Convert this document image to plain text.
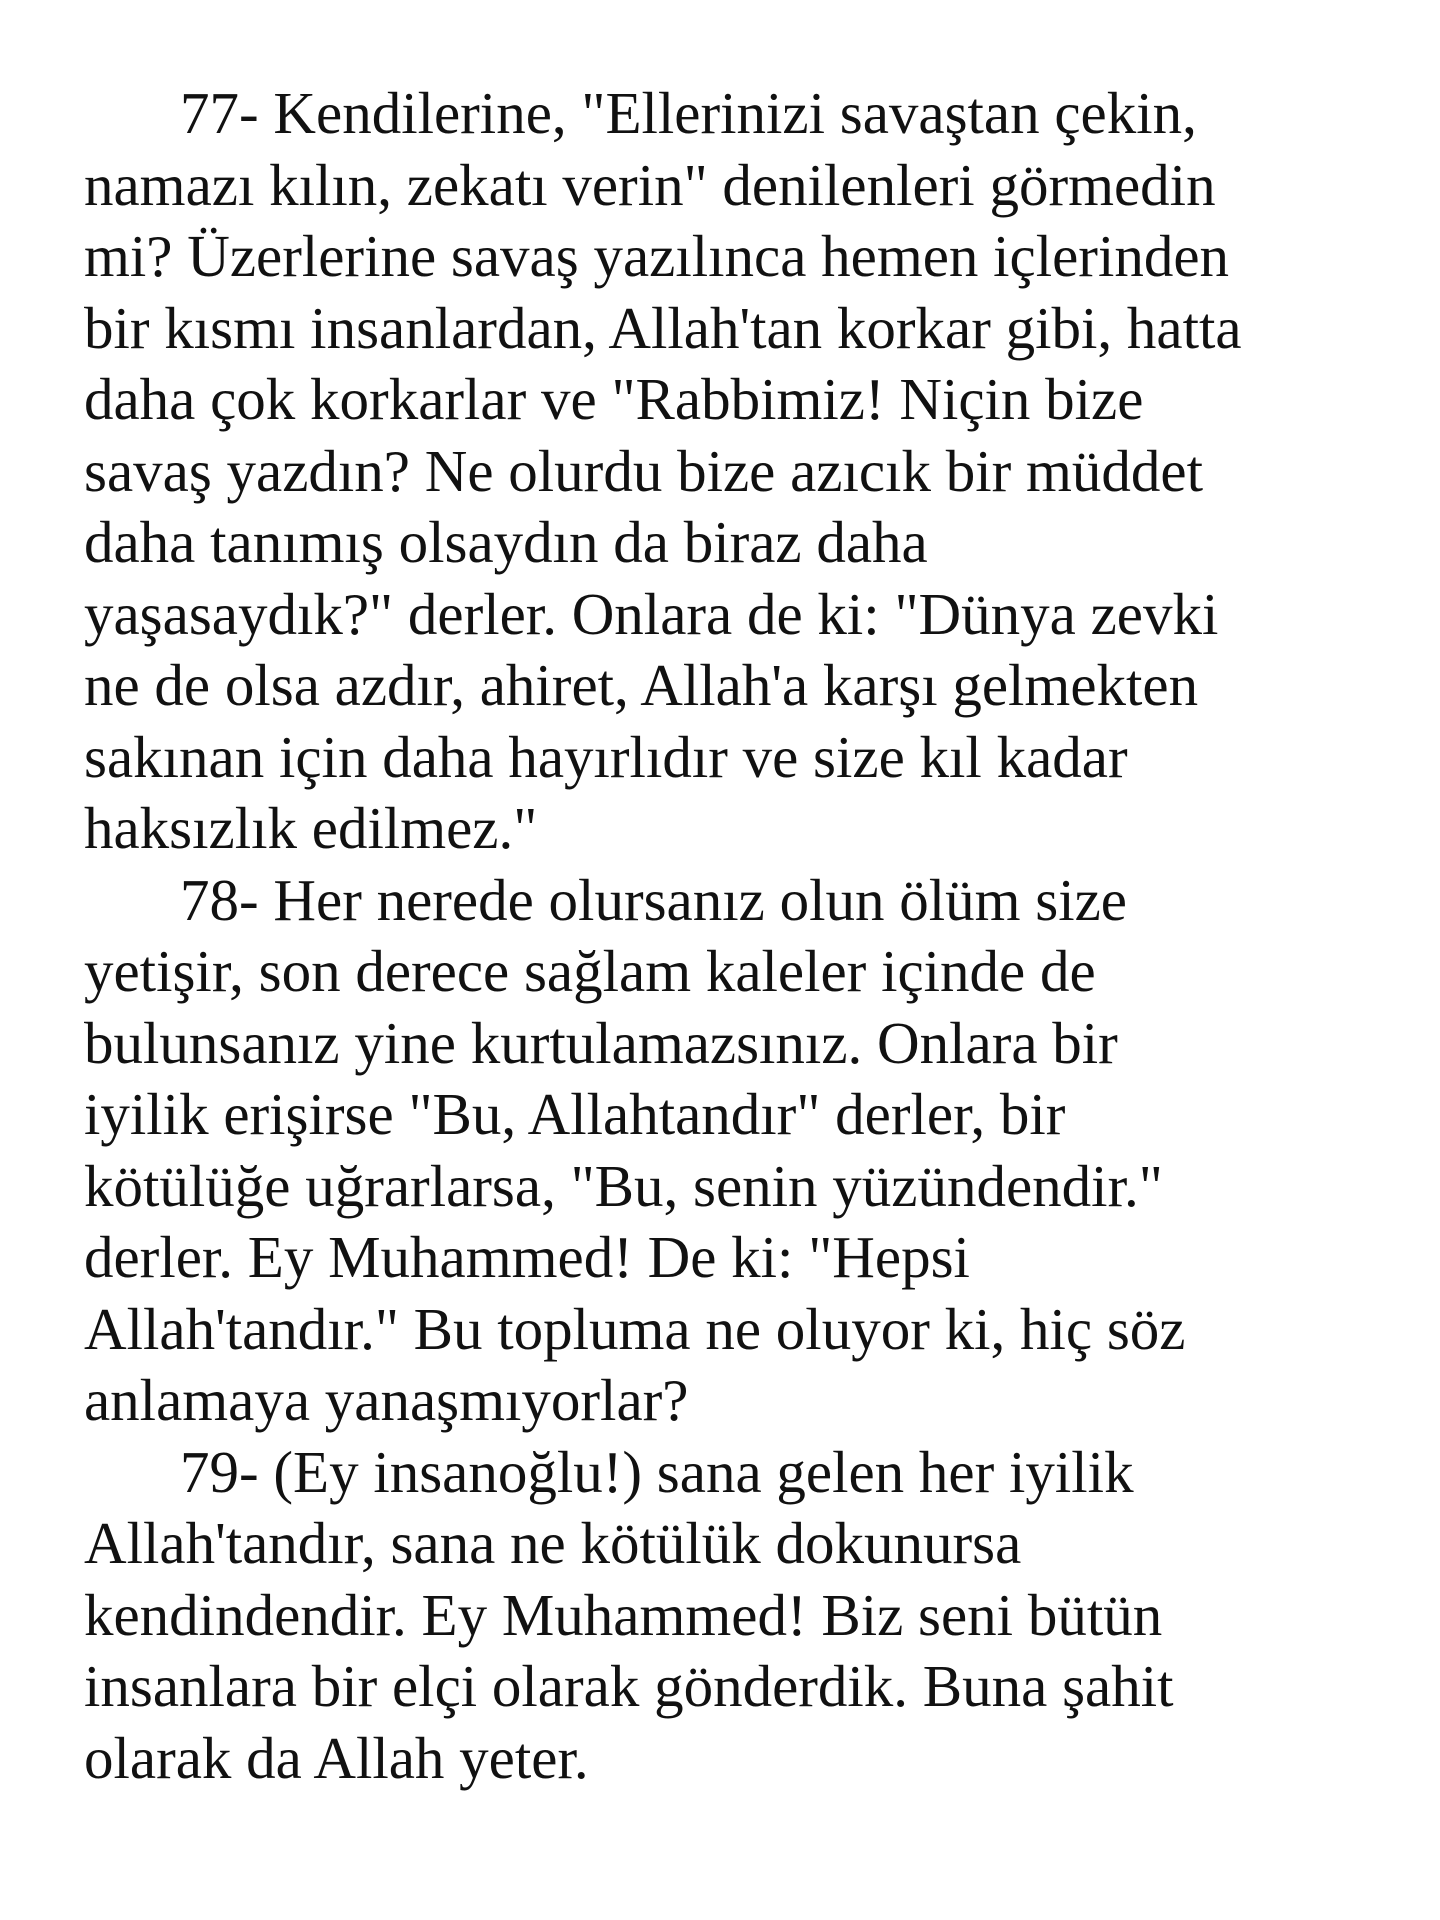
77- Kendilerine, "Ellerinizi savaştan çekin,
namazı kılın, zekatı verin" denilenleri görmedin
mi? Üzerlerine savaş yazılınca hemen içlerinden
bir kısmı insanlardan, Allah'tan korkar gibi, hatta
daha çok korkarlar ve "Rabbimiz! Niçin bize
savaş yazdın? Ne olurdu bize azıcık bir müddet
daha tanımış olsaydın da biraz daha
yaşasaydık?" derler. Onlara de ki: "Dünya zevki
ne de olsa azdır, ahiret, Allah'a karşı gelmekten
sakınan için daha hayırlıdır ve size kıl kadar
haksızlık edilmez."

78- Her nerede olursanız olun ölüm size
yetişir, son derece sağlam kaleler içinde de
bulunsanız yine kurtulamazsınız. Onlara bir
iyilik erişirse "Bu, Allahtandır" derler, bir
kötülüğe uğrarlarsa, "Bu, senin yüzündendir."
derler. Ey Muhammed! De ki: "Hepsi
Allah'tandır." Bu topluma ne oluyor ki, hiç söz
anlamaya yanaşmıyorlar?

79- (Ey insanoğlu!) sana gelen her iyilik
Allah'tandır, sana ne kötülük dokunursa
kendindendir. Ey Muhammed! Biz seni bütün
insanlara bir elçi olarak gönderdik. Buna şahit
olarak da Allah yeter.
